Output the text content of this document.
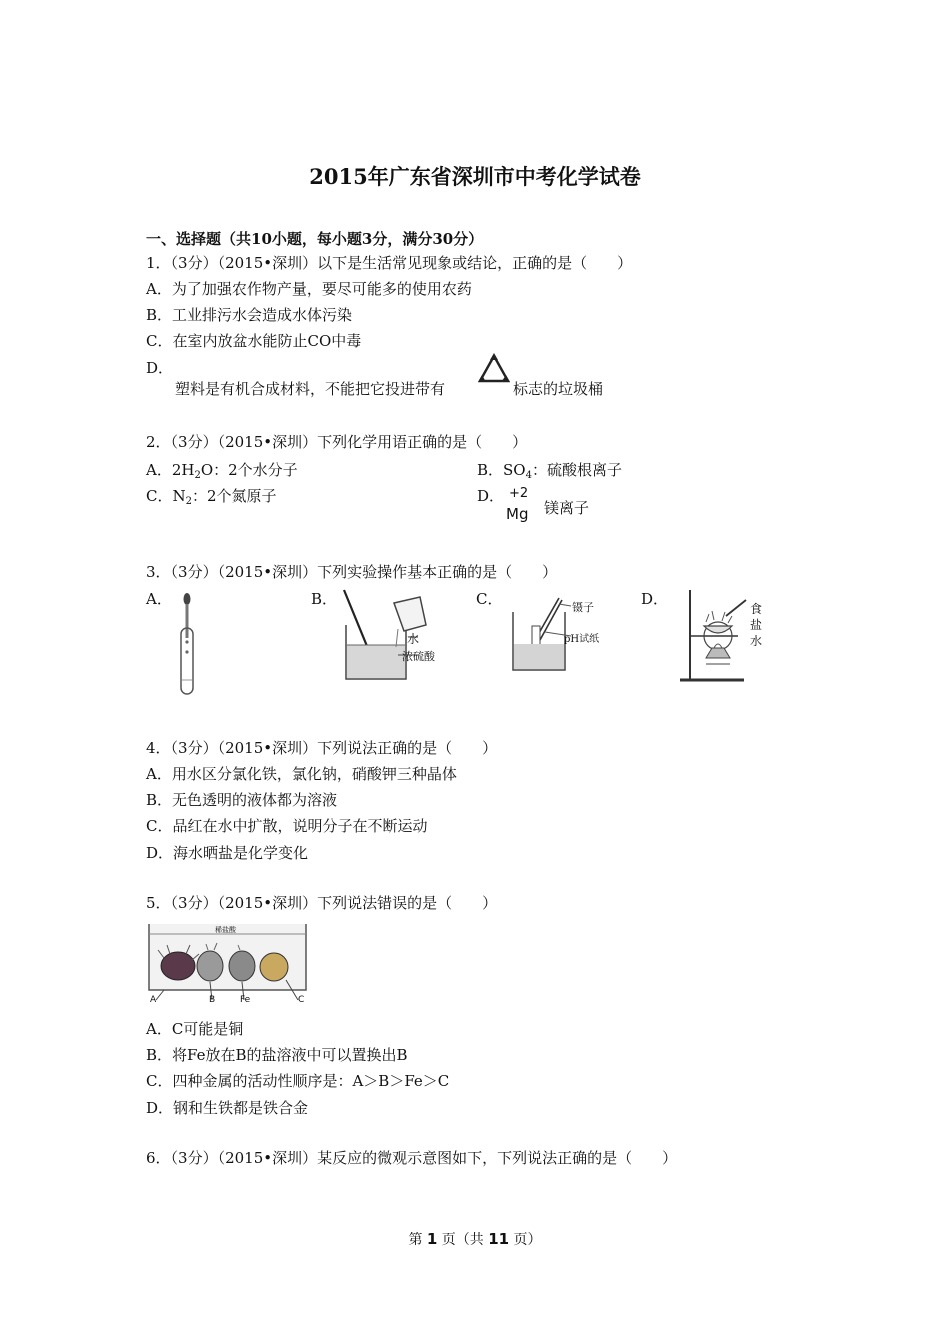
2015年广东省深圳市中考化学试卷
一、选择题（共10小题，每小题3分，满分30分）
1．（3分）（2015•深圳）以下是生活常见现象或结论，正确的是（　　）
A．为了加强农作物产量，要尽可能多的使用农药
B．工业排污水会造成水体污染
C．在室内放盆水能防止CO中毒
D．
塑料是有机合成材料，不能把它投进带有	标志的垃圾桶
2．（3分）（2015•深圳）下列化学用语正确的是（　　）
A．$2H_2O$：2个水分子	B．$SO_4$：硫酸根离子
C．$N_2$：2个氮原子	D． +2
Mg 镁离子
3．（3分）（2015•深圳）下列实验操作基本正确的是（　　）
A．	B．	C．	D．
水
浓硫酸
镊子
pH试纸
食
盐
水
4．（3分）（2015•深圳）下列说法正确的是（　　）
A．用水区分氯化铁，氯化钠，硝酸钾三种晶体
B．无色透明的液体都为溶液
C．品红在水中扩散，说明分子在不断运动
D．海水晒盐是化学变化
5．（3分）（2015•深圳）下列说法错误的是（　　）
稀盐酸
A	B	Fe	C
A．C可能是铜
B．将Fe放在B的盐溶液中可以置换出B
C．四种金属的活动性顺序是：A＞B＞Fe＞C
D．钢和生铁都是铁合金
6．（3分）（2015•深圳）某反应的微观示意图如下，下列说法正确的是（　　）
第 1 页（共 11 页）
